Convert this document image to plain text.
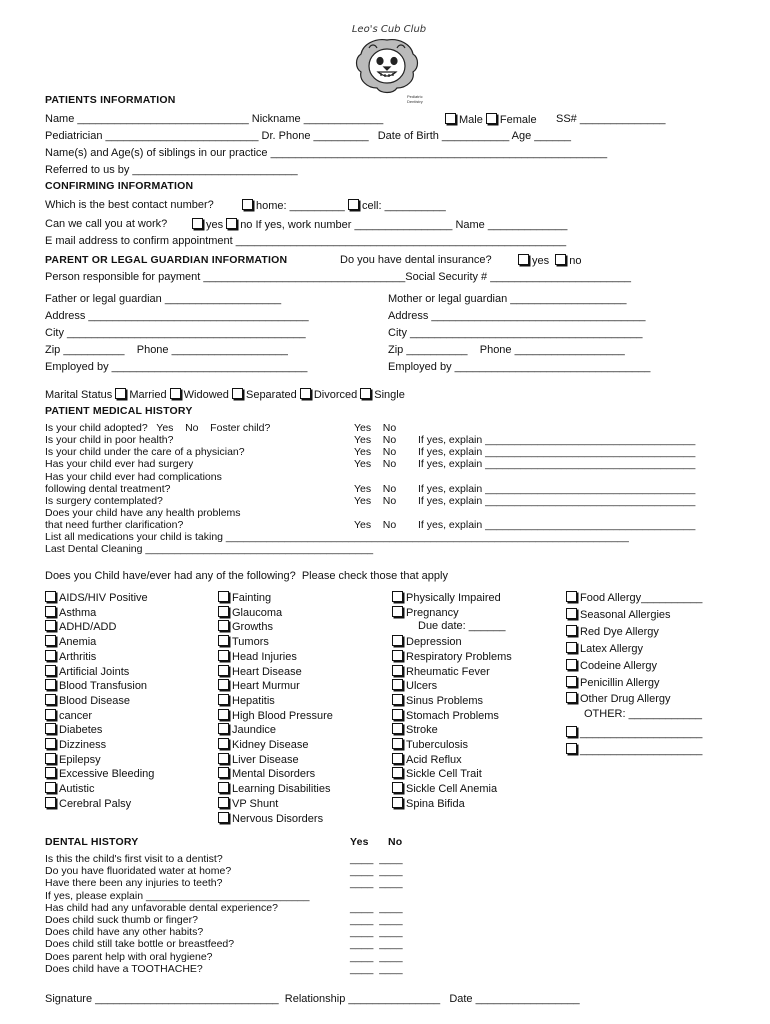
Leo's Cub Club
Pediatric Dentistry
PATIENTS INFORMATION
Name ____________________________ Nickname _____________	Male Female SS# ______________
Pediatrician _________________________ Dr. Phone _________   Date of Birth ___________ Age ______
Name(s) and Age(s) of siblings in our practice _______________________________________________________
Referred to us by ___________________________
CONFIRMING INFORMATION
Which is the best contact number?	home: _________	cell: __________
Can we call you at work?	yes no If yes, work number ________________ Name _____________
E mail address to confirm appointment ______________________________________________________
PARENT OR LEGAL GUARDIAN INFORMATION	Do you have dental insurance?	yes no
Person responsible for payment _________________________________Social Security # _______________________
Father or legal guardian ___________________
Address ____________________________________
City _______________________________________
Zip __________    Phone ___________________
Employed by ________________________________
Mother or legal guardian ___________________
Address ___________________________________
City ______________________________________
Zip __________    Phone __________________
Employed by ________________________________
Marital Status Married Widowed Separated Divorced Single
PATIENT MEDICAL HISTORY
Is your child adopted?   Yes    No    Foster child?	Yes    No
Is your child in poor health?	Yes    No If yes, explain ____________________________________
Is your child under the care of a physician?	Yes    No If yes, explain ____________________________________
Has your child ever had surgery	Yes    No If yes, explain ____________________________________
Has your child ever had complications
following dental treatment?	Yes    No If yes, explain ____________________________________
Is surgery contemplated?	Yes    No If yes, explain ____________________________________
Does your child have any health problems
that need further clarification?	Yes    No If yes, explain ____________________________________
List all medications your child is taking _____________________________________________________________________
Last Dental Cleaning _______________________________________
Does you Child have/ever had any of the following?  Please check those that apply
AIDS/HIV Positive
Asthma
ADHD/ADD
Anemia
Arthritis
Artificial Joints
Blood Transfusion
Blood Disease
cancer
Diabetes
Dizziness
Epilepsy
Excessive Bleeding
Autistic
Cerebral Palsy
Fainting
Glaucoma
Growths
Tumors
Head Injuries
Heart Disease
Heart Murmur
Hepatitis
High Blood Pressure
Jaundice
Kidney Disease
Liver Disease
Mental Disorders
Learning Disabilities
VP Shunt
Nervous Disorders
Physically Impaired
Pregnancy
Due date: ______
Depression
Respiratory Problems
Rheumatic Fever
Ulcers
Sinus Problems
Stomach Problems
Stroke
Tuberculosis
Acid Reflux
Sickle Cell Trait
Sickle Cell Anemia
Spina Bifida
Food Allergy__________
Seasonal Allergies
Red Dye Allergy
Latex Allergy
Codeine Allergy
Penicillin Allergy
Other Drug Allergy
OTHER: ____________
____________________
____________________
DENTAL HISTORY	Yes No
Is this the child's first visit to a dentist?	____  ____
Do you have fluoridated water at home?	____  ____
Have there been any injuries to teeth?	____  ____
If yes, please explain ____________________________
Has child had any unfavorable dental experience?	____  ____
Does child suck thumb or finger?	____  ____
Does child have any other habits?	____  ____
Does child still take bottle or breastfeed?	____  ____
Does parent help with oral hygiene?	____  ____
Does child have a TOOTHACHE?	____  ____
Signature ______________________________  Relationship _______________   Date _________________
